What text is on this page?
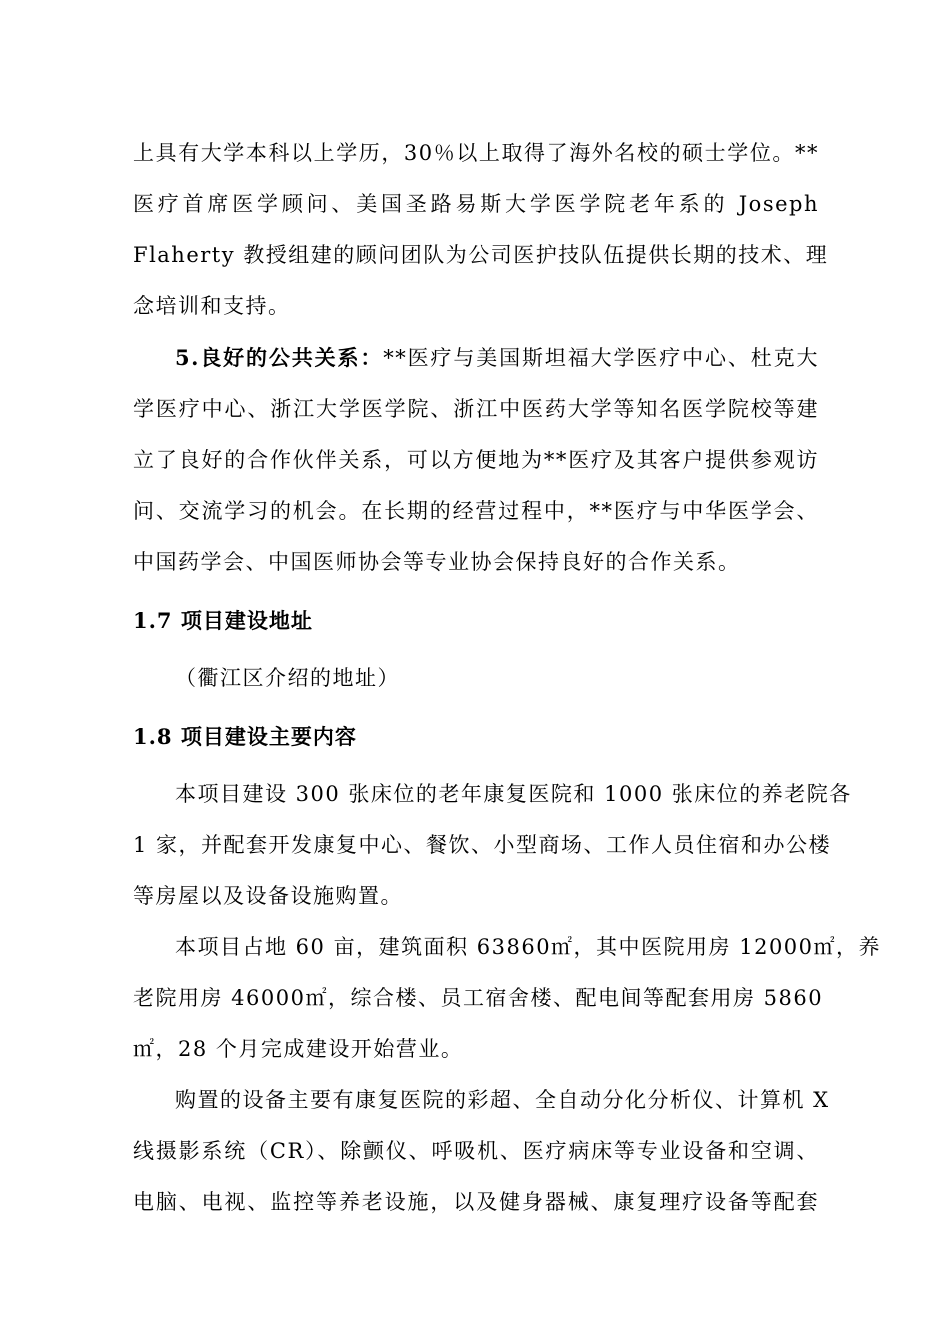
上具有大学本科以上学历，30％以上取得了海外名校的硕士学位。**
医疗首席医学顾问、美国圣路易斯大学医学院老年系的 Joseph
Flaherty 教授组建的顾问团队为公司医护技队伍提供长期的技术、理
念培训和支持。

5.良好的公共关系：**医疗与美国斯坦福大学医疗中心、杜克大
学医疗中心、浙江大学医学院、浙江中医药大学等知名医学院校等建
立了良好的合作伙伴关系，可以方便地为**医疗及其客户提供参观访
问、交流学习的机会。在长期的经营过程中，**医疗与中华医学会、
中国药学会、中国医师协会等专业协会保持良好的合作关系。

1.7 项目建设地址

（衢江区介绍的地址）

1.8 项目建设主要内容

本项目建设 300 张床位的老年康复医院和 1000 张床位的养老院各
1 家，并配套开发康复中心、餐饮、小型商场、工作人员住宿和办公楼
等房屋以及设备设施购置。

本项目占地 60 亩，建筑面积 63860㎡，其中医院用房 12000㎡，养
老院用房 46000㎡，综合楼、员工宿舍楼、配电间等配套用房 5860
㎡，28 个月完成建设开始营业。

购置的设备主要有康复医院的彩超、全自动分化分析仪、计算机 X
线摄影系统（CR）、除颤仪、呼吸机、医疗病床等专业设备和空调、
电脑、电视、监控等养老设施，以及健身器械、康复理疗设备等配套
